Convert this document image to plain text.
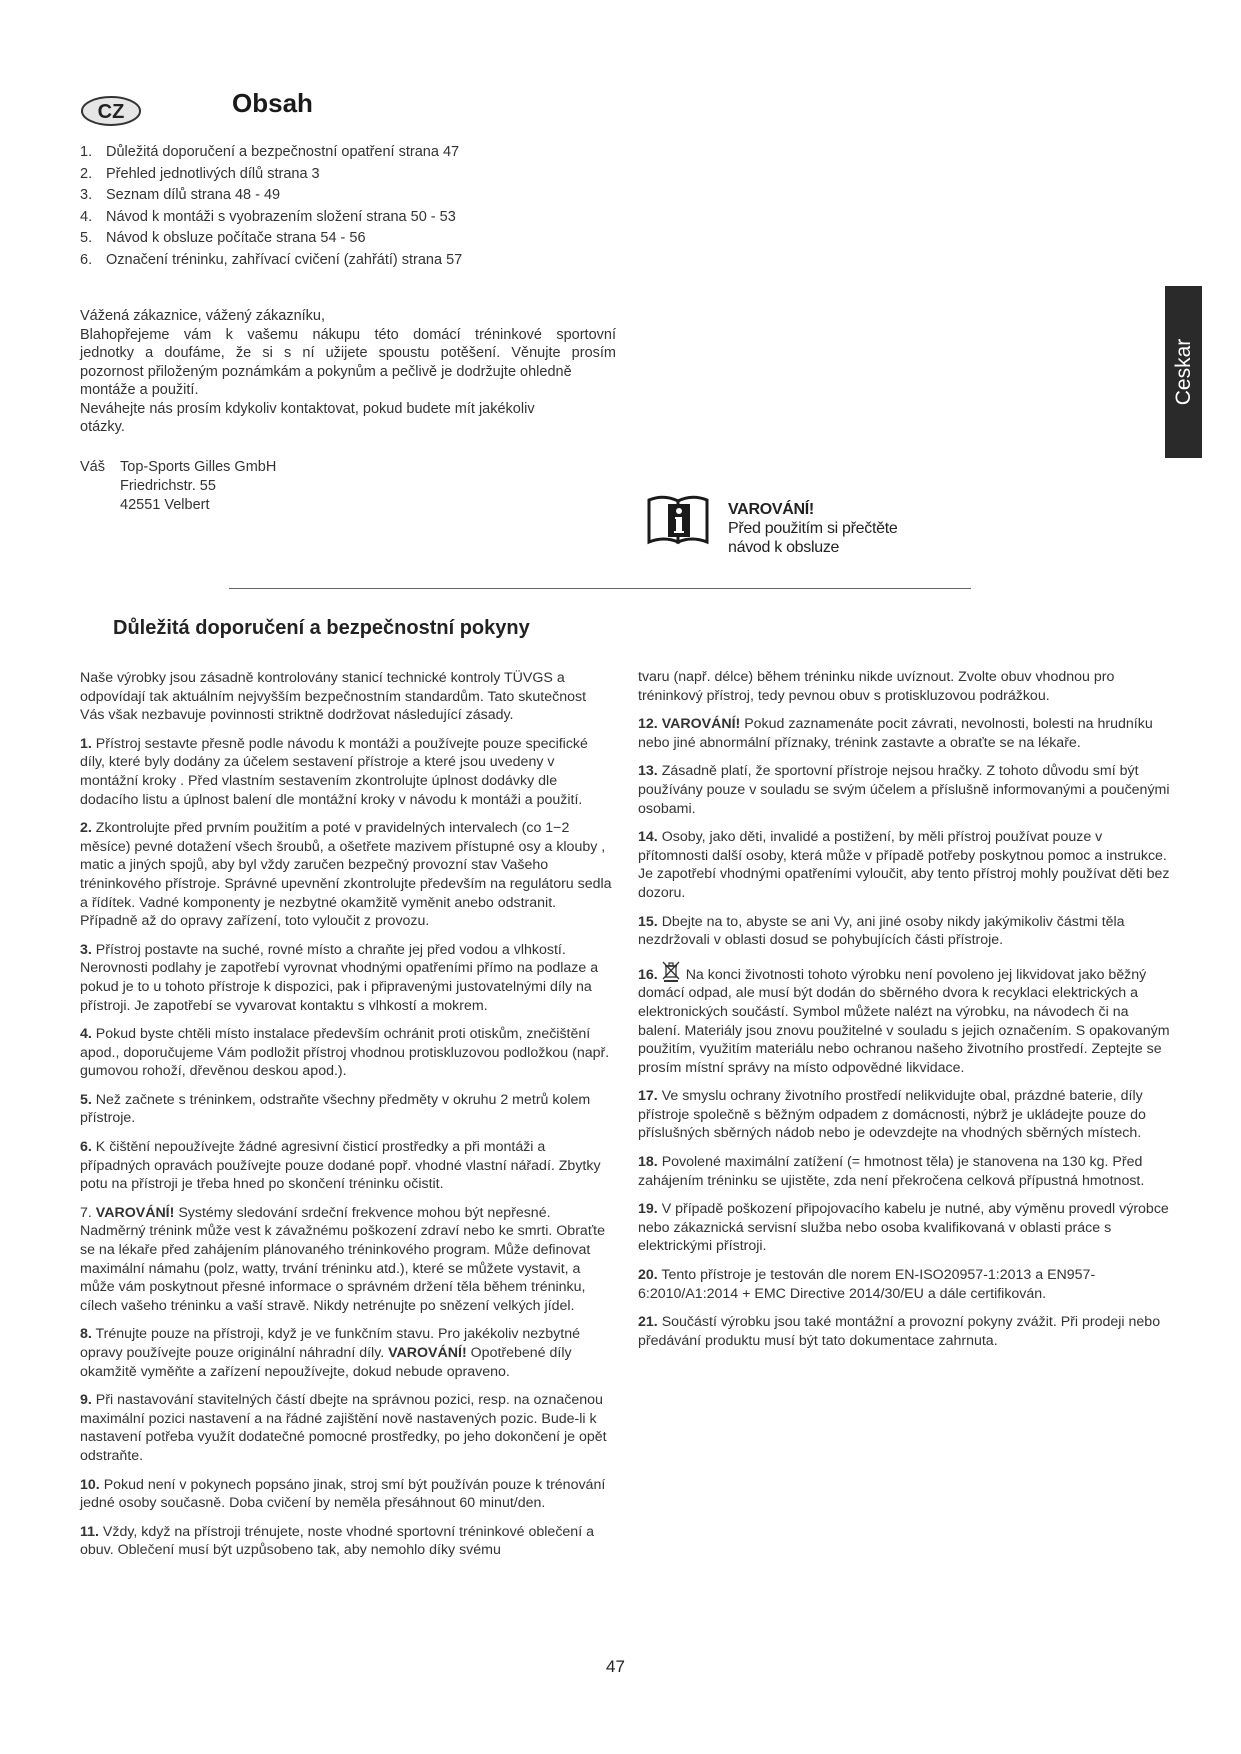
CZ	Obsah
1. Důležitá doporučení a bezpečnostní opatření strana 47
2. Přehled jednotlivých dílů strana 3
3. Seznam dílů strana 48 - 49
4. Návod k montáži s vyobrazením složení strana 50 - 53
5. Návod k obsluze počítače strana 54 - 56
6. Označení tréninku, zahřívací cvičení (zahřátí) strana 57

Vážená zákaznice, vážený zákazníku,

Blahopřejeme vám k vašemu nákupu této domácí tréninkové sportovní

jednotky a doufáme, že si s ní užijete spoustu potěšení. Věnujte prosím

pozornost přiloženým poznámkám a pokynům a pečlivě je dodržujte ohledně

montáže a použití.

Neváhejte nás prosím kdykoliv kontaktovat, pokud budete mít jakékoliv

otázky.

Váš	Top-Sports Gilles GmbH
Friedrichstr. 55
42551 Velbert
Ceskar
VAROVÁNÍ!
Před použitím si přečtěte
návod k obsluze
Důležitá doporučení a bezpečnostní pokyny

Naše výrobky jsou zásadně kontrolovány stanicí technické kontroly TÜVGS a odpovídají tak aktuálním nejvyšším bezpečnostním standardům. Tato skutečnost Vás však nezbavuje povinnosti striktně dodržovat následující zásady.

1. Přístroj sestavte přesně podle návodu k montáži a používejte pouze specifické díly, které byly dodány za účelem sestavení přístroje a které jsou uvedeny v montážní kroky . Před vlastním sestavením zkontrolujte úplnost dodávky dle dodacího listu a úplnost balení dle montážní kroky v návodu k montáži a použití.

2. Zkontrolujte před prvním použitím a poté v pravidelných intervalech (co 1−2 měsíce) pevné dotažení všech šroubů, a ošetřete mazivem přístupné osy a klouby , matic a jiných spojů, aby byl vždy zaručen bezpečný provozní stav Vašeho tréninkového přístroje. Správné upevnění zkontrolujte především na regulátoru sedla a řídítek. Vadné komponenty je nezbytné okamžitě vyměnit anebo odstranit. Případně až do opravy zařízení, toto vyloučit z provozu.

3. Přístroj postavte na suché, rovné místo a chraňte jej před vodou a vlhkostí. Nerovnosti podlahy je zapotřebí vyrovnat vhodnými opatřeními přímo na podlaze a pokud je to u tohoto přístroje k dispozici, pak i připravenými justovatelnými díly na přístroji. Je zapotřebí se vyvarovat kontaktu s vlhkostí a mokrem.

4. Pokud byste chtěli místo instalace především ochránit proti otiskům, znečištění apod., doporučujeme Vám podložit přístroj vhodnou protiskluzovou podložkou (např. gumovou rohoží, dřevěnou deskou apod.).

5. Než začnete s tréninkem, odstraňte všechny předměty v okruhu 2 metrů kolem přístroje.

6. K čištění nepoužívejte žádné agresivní čisticí prostředky a při montáži a případných opravách používejte pouze dodané popř. vhodné vlastní nářadí. Zbytky potu na přístroji je třeba hned po skončení tréninku očistit.

7. VAROVÁNÍ! Systémy sledování srdeční frekvence mohou být nepřesné. Nadměrný trénink může vest k závažnému poškození zdraví nebo ke smrti. Obraťte se na lékaře před zahájením plánovaného tréninkového program. Může definovat maximální námahu (polz, watty, trvání tréninku atd.), které se můžete vystavit, a může vám poskytnout přesné informace o správném držení těla během tréninku, cílech vašeho tréninku a vaší stravě. Nikdy netrénujte po snězení velkých jídel.

8. Trénujte pouze na přístroji, když je ve funkčním stavu. Pro jakékoliv nezbytné opravy používejte pouze originální náhradní díly. VAROVÁNÍ! Opotřebené díly okamžitě vyměňte a zařízení nepoužívejte, dokud nebude opraveno.

9. Při nastavování stavitelných částí dbejte na správnou pozici, resp. na označenou maximální pozici nastavení a na řádné zajištění nově nastavených pozic. Bude-li k nastavení potřeba využít dodatečné pomocné prostředky, po jeho dokončení je opět odstraňte.

10. Pokud není v pokynech popsáno jinak, stroj smí být používán pouze k trénování jedné osoby současně. Doba cvičení by neměla přesáhnout 60 minut/den.

11. Vždy, když na přístroji trénujete, noste vhodné sportovní tréninkové oblečení a obuv. Oblečení musí být uzpůsobeno tak, aby nemohlo díky svému

tvaru (např. délce) během tréninku nikde uvíznout. Zvolte obuv vhodnou pro tréninkový přístroj, tedy pevnou obuv s protiskluzovou podrážkou.

12. VAROVÁNÍ! Pokud zaznamenáte pocit závrati, nevolnosti, bolesti na hrudníku nebo jiné abnormální příznaky, trénink zastavte a obraťte se na lékaře.

13. Zásadně platí, že sportovní přístroje nejsou hračky. Z tohoto důvodu smí být používány pouze v souladu se svým účelem a příslušně informovanými a poučenými osobami.

14. Osoby, jako děti, invalidé a postižení, by měli přístroj používat pouze v přítomnosti další osoby, která může v případě potřeby poskytnou pomoc a instrukce. Je zapotřebí vhodnými opatřeními vyloučit, aby tento přístroj mohly používat děti bez dozoru.

15. Dbejte na to, abyste se ani Vy, ani jiné osoby nikdy jakýmikoliv částmi těla nezdržovali v oblasti dosud se pohybujících části přístroje.

16. Na konci životnosti tohoto výrobku není povoleno jej likvidovat jako běžný domácí odpad, ale musí být dodán do sběrného dvora k recyklaci elektrických a elektronických součástí. Symbol můžete nalézt na výrobku, na návodech či na balení. Materiály jsou znovu použitelné v souladu s jejich označením. S opakovaným použitím, využitím materiálu nebo ochranou našeho životního prostředí. Zeptejte se prosím místní správy na místo odpovědné likvidace.

17. Ve smyslu ochrany životního prostředí nelikvidujte obal, prázdné baterie, díly přístroje společně s běžným odpadem z domácnosti, nýbrž je ukládejte pouze do příslušných sběrných nádob nebo je odevzdejte na vhodných sběrných místech.

18. Povolené maximální zatížení (= hmotnost těla) je stanovena na 130 kg. Před zahájením tréninku se ujistěte, zda není překročena celková přípustná hmotnost.

19. V případě poškození připojovacího kabelu je nutné, aby výměnu provedl výrobce nebo zákaznická servisní služba nebo osoba kvalifikovaná v oblasti práce s elektrickými přístroji.

20. Tento přístroje je testován dle norem EN-ISO20957-1:2013 a EN957-6:2010/A1:2014 + EMC Directive 2014/30/EU a dále certifikován.

21. Součástí výrobku jsou také montážní a provozní pokyny zvážit. Při prodeji nebo předávání produktu musí být tato dokumentace zahrnuta.

47
